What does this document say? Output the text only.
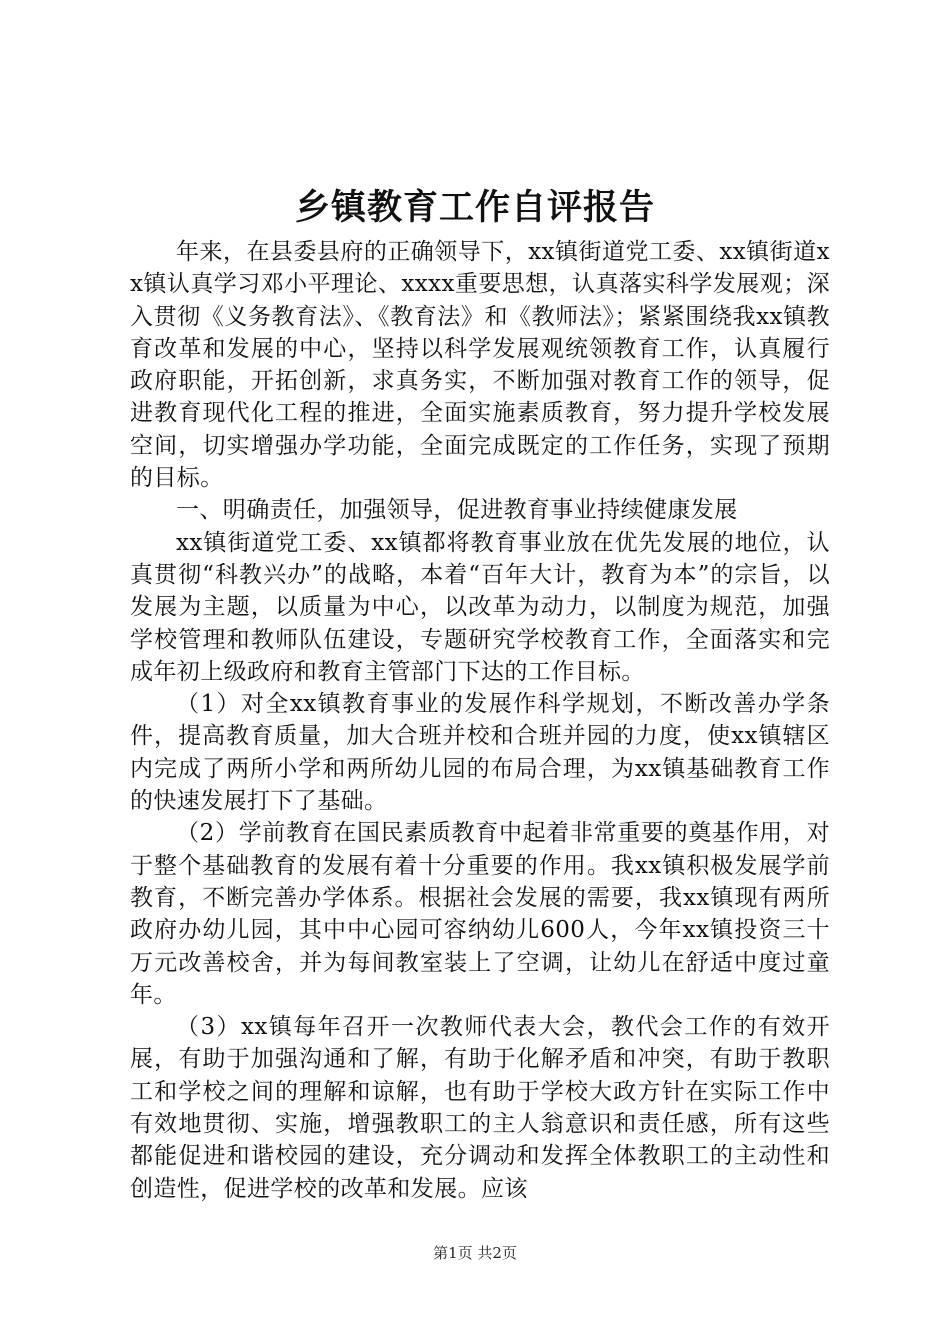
乡镇教育工作自评报告

年来，在县委县府的正确领导下，xx镇街道党工委、xx镇街道xx镇认真学习邓小平理论、xxxx重要思想，认真落实科学发展观；深入贯彻《义务教育法》、《教育法》和《教师法》；紧紧围绕我xx镇教育改革和发展的中心，坚持以科学发展观统领教育工作，认真履行政府职能，开拓创新，求真务实，不断加强对教育工作的领导，促进教育现代化工程的推进，全面实施素质教育，努力提升学校发展空间，切实增强办学功能，全面完成既定的工作任务，实现了预期的目标。

一、明确责任，加强领导，促进教育事业持续健康发展

xx镇街道党工委、xx镇都将教育事业放在优先发展的地位，认真贯彻“科教兴办”的战略，本着“百年大计，教育为本”的宗旨，以发展为主题，以质量为中心，以改革为动力，以制度为规范，加强学校管理和教师队伍建设，专题研究学校教育工作，全面落实和完成年初上级政府和教育主管部门下达的工作目标。

（1）对全xx镇教育事业的发展作科学规划，不断改善办学条件，提高教育质量，加大合班并校和合班并园的力度，使xx镇辖区内完成了两所小学和两所幼儿园的布局合理，为xx镇基础教育工作的快速发展打下了基础。

（2）学前教育在国民素质教育中起着非常重要的奠基作用，对于整个基础教育的发展有着十分重要的作用。我xx镇积极发展学前教育，不断完善办学体系。根据社会发展的需要，我xx镇现有两所政府办幼儿园，其中中心园可容纳幼儿600人，今年xx镇投资三十万元改善校舍，并为每间教室装上了空调，让幼儿在舒适中度过童年。

（3）xx镇每年召开一次教师代表大会，教代会工作的有效开展，有助于加强沟通和了解，有助于化解矛盾和冲突，有助于教职工和学校之间的理解和谅解，也有助于学校大政方针在实际工作中有效地贯彻、实施，增强教职工的主人翁意识和责任感，所有这些都能促进和谐校园的建设，充分调动和发挥全体教职工的主动性和创造性，促进学校的改革和发展。应该

第1页 共2页
